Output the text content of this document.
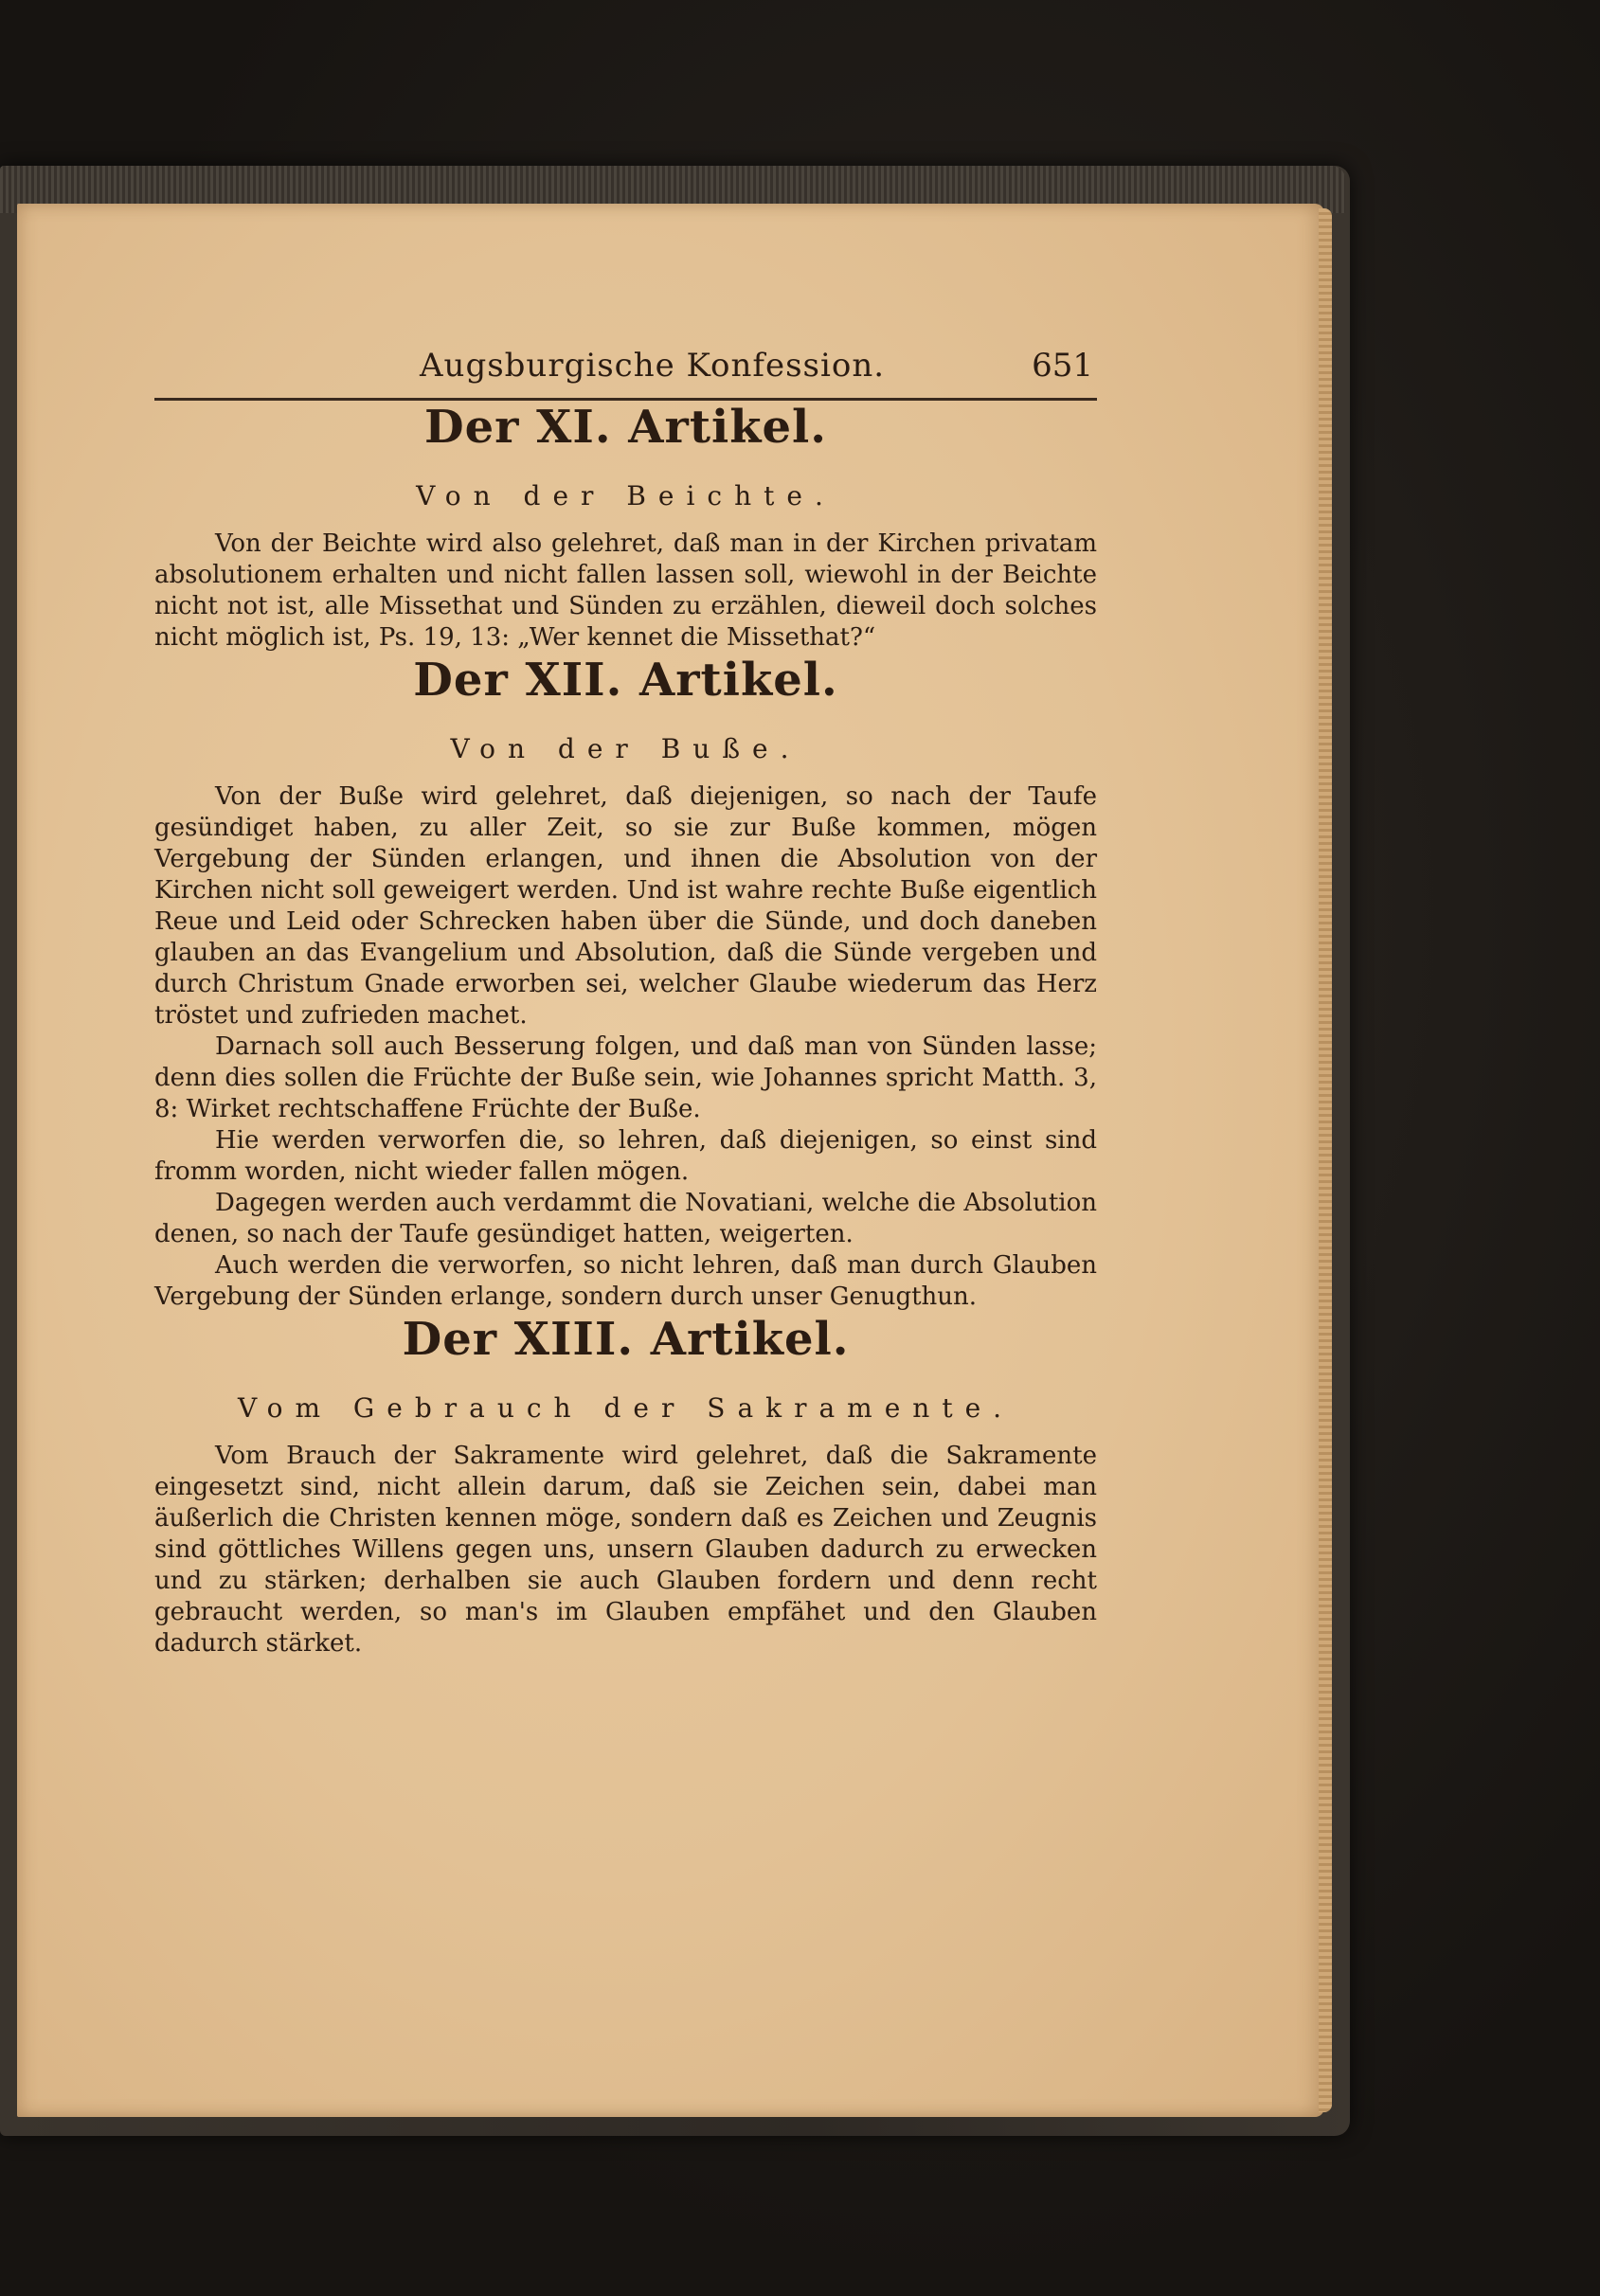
Augsburgische Konfession.	651
Der XI. Artikel.

Von der Beichte.

Von der Beichte wird also gelehret, daß man in der Kirchen privatam absolutionem erhalten und nicht fallen lassen soll, wiewohl in der Beichte nicht not ist, alle Missethat und Sünden zu erzählen, dieweil doch solches nicht möglich ist, Ps. 19, 13: „Wer kennet die Missethat?“

Der XII. Artikel.

Von der Buße.

Von der Buße wird gelehret, daß diejenigen, so nach der Taufe gesündiget haben, zu aller Zeit, so sie zur Buße kommen, mögen Vergebung der Sünden erlangen, und ihnen die Absolution von der Kirchen nicht soll geweigert werden. Und ist wahre rechte Buße eigentlich Reue und Leid oder Schrecken haben über die Sünde, und doch daneben glauben an das Evangelium und Absolution, daß die Sünde vergeben und durch Christum Gnade erworben sei, welcher Glaube wiederum das Herz tröstet und zufrieden machet.

Darnach soll auch Besserung folgen, und daß man von Sünden lasse; denn dies sollen die Früchte der Buße sein, wie Johannes spricht Matth. 3, 8: Wirket rechtschaffene Früchte der Buße.

Hie werden verworfen die, so lehren, daß diejenigen, so einst sind fromm worden, nicht wieder fallen mögen.

Dagegen werden auch verdammt die Novatiani, welche die Absolution denen, so nach der Taufe gesündiget hatten, weigerten.

Auch werden die verworfen, so nicht lehren, daß man durch Glauben Vergebung der Sünden erlange, sondern durch unser Genugthun.

Der XIII. Artikel.

Vom Gebrauch der Sakramente.

Vom Brauch der Sakramente wird gelehret, daß die Sakramente eingesetzt sind, nicht allein darum, daß sie Zeichen sein, dabei man äußerlich die Christen kennen möge, sondern daß es Zeichen und Zeugnis sind göttliches Willens gegen uns, unsern Glauben dadurch zu erwecken und zu stärken; derhalben sie auch Glauben fordern und denn recht gebraucht werden, so man's im Glauben empfähet und den Glauben dadurch stärket.
